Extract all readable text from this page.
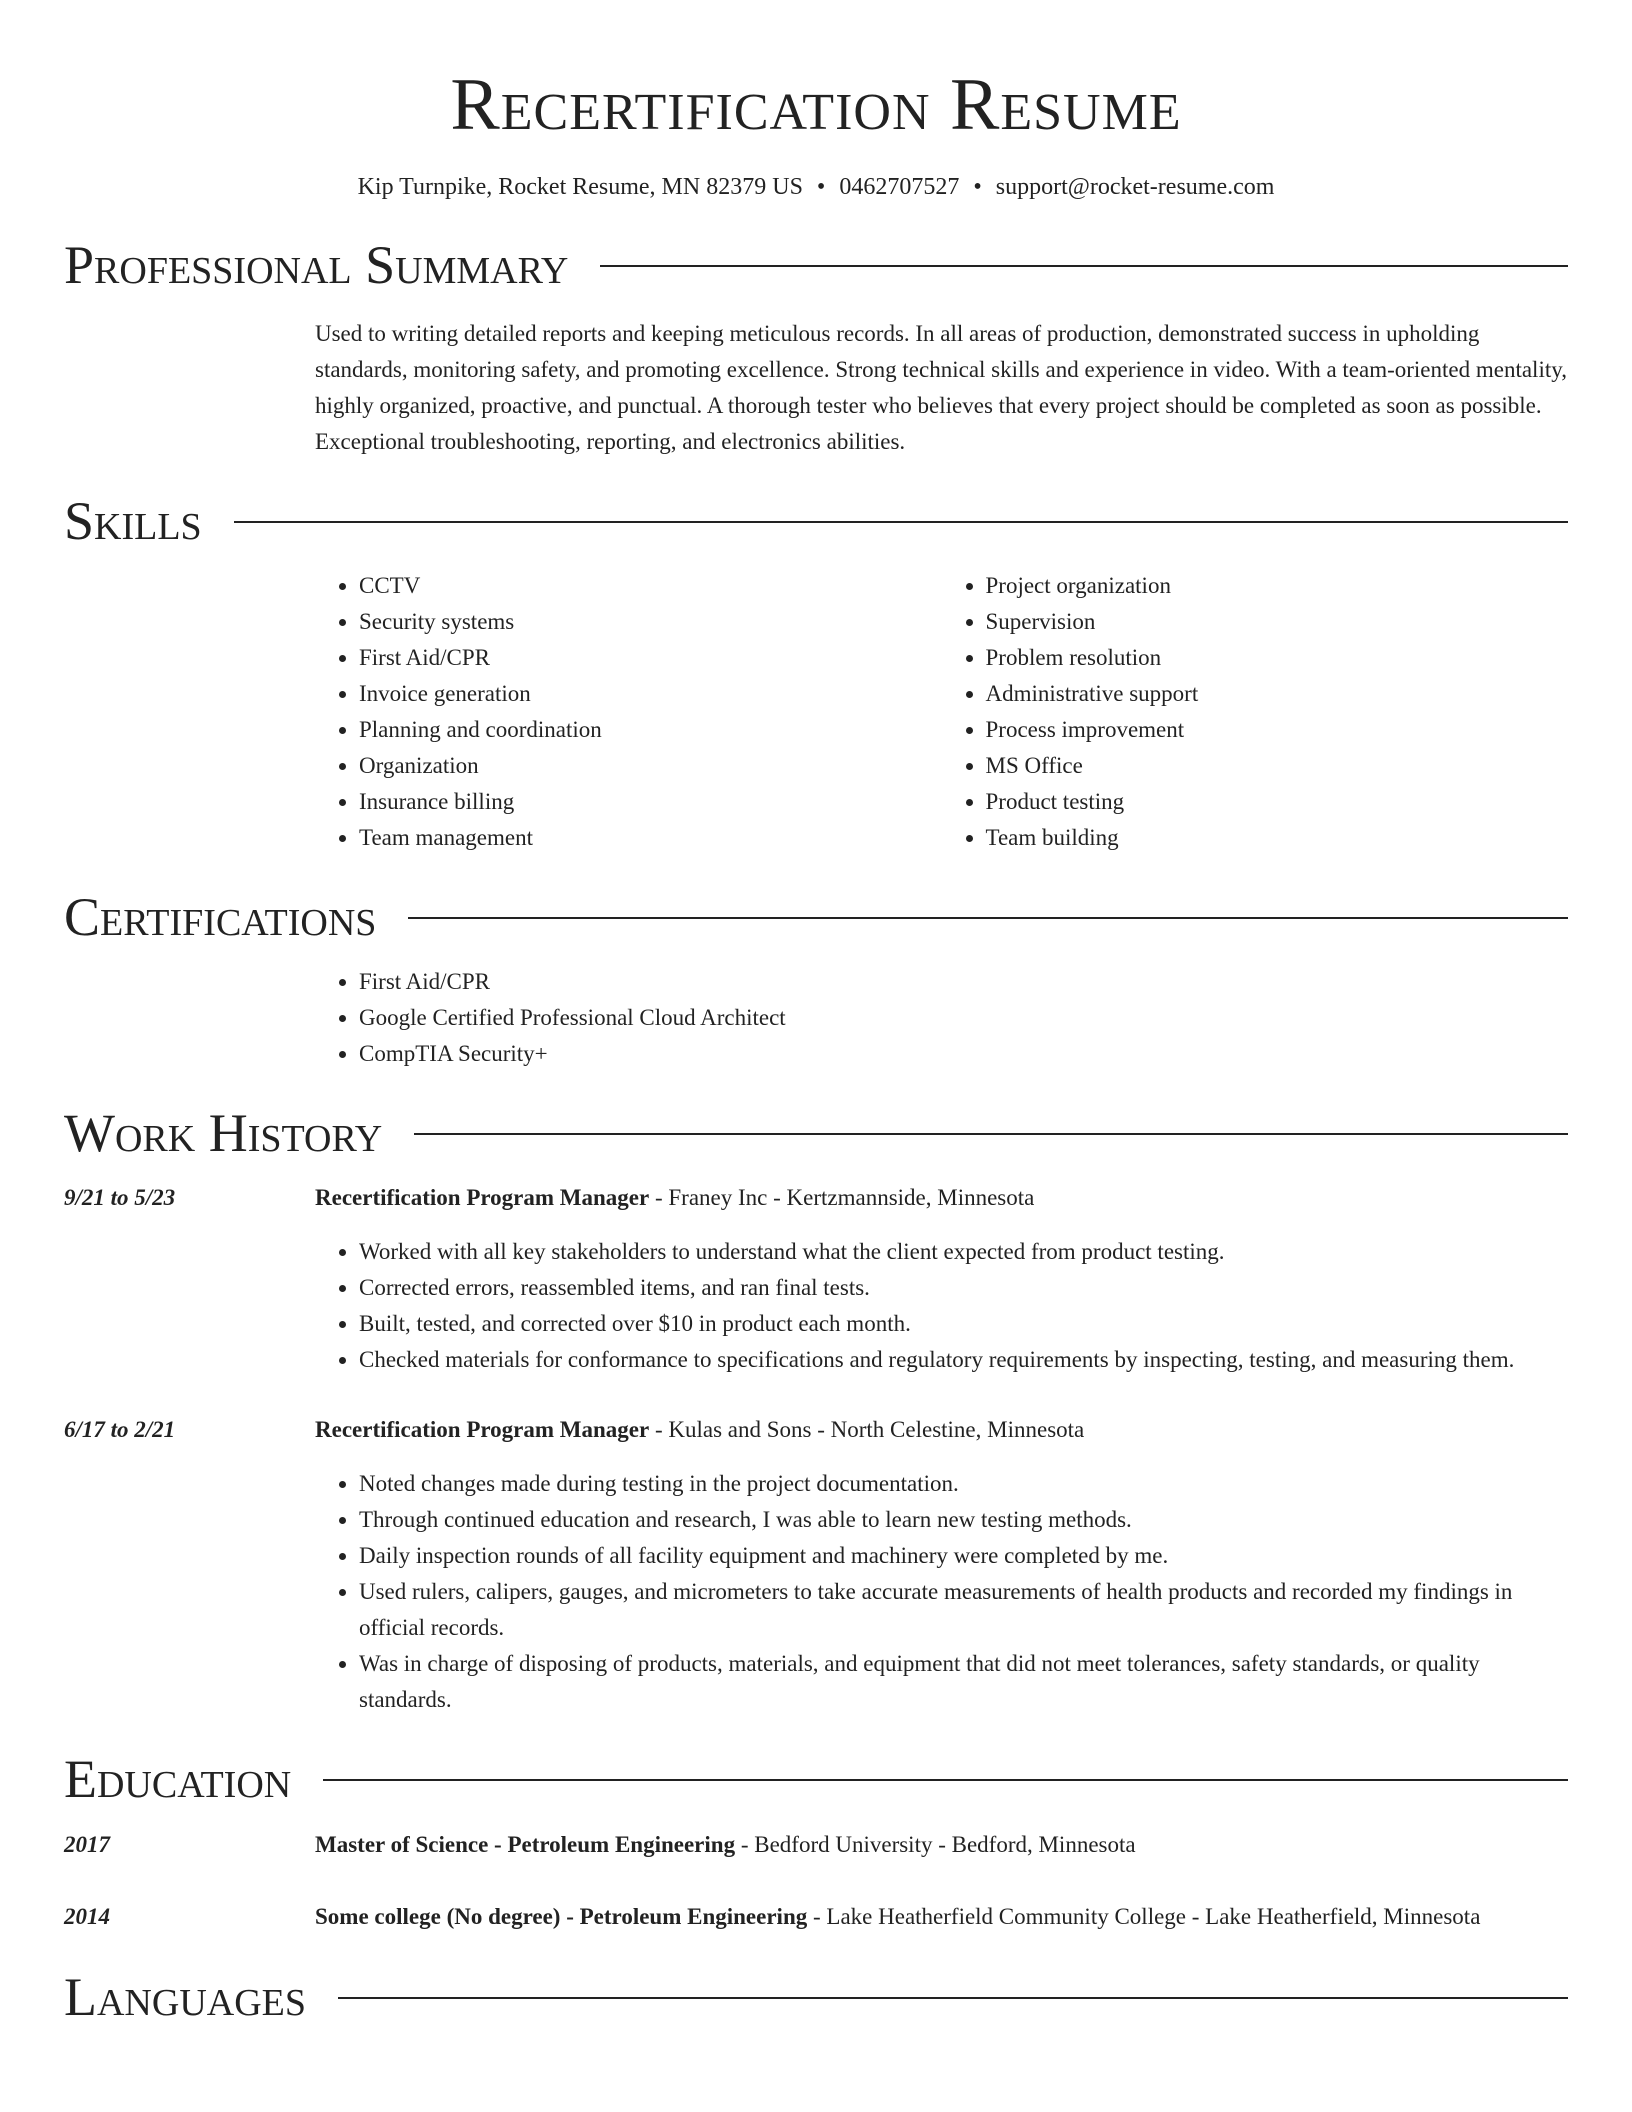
Recertification Resume
Kip Turnpike, Rocket Resume, MN 82379 US • 0462707527 • support@rocket-resume.com
Professional Summary

Used to writing detailed reports and keeping meticulous records. In all areas of production, demonstrated success in upholding standards, monitoring safety, and promoting excellence. Strong technical skills and experience in video. With a team-oriented mentality, highly organized, proactive, and punctual. A thorough tester who believes that every project should be completed as soon as possible. Exceptional troubleshooting, reporting, and electronics abilities.

Skills
• CCTV
• Security systems
• First Aid/CPR
• Invoice generation
• Planning and coordination
• Organization
• Insurance billing
• Team management
• Project organization
• Supervision
• Problem resolution
• Administrative support
• Process improvement
• MS Office
• Product testing
• Team building
Certifications
• First Aid/CPR
• Google Certified Professional Cloud Architect
• CompTIA Security+
Work History
9/21 to 5/23	Recertification Program Manager - Franey Inc - Kertzmannside, Minnesota
• Worked with all key stakeholders to understand what the client expected from product testing.
• Corrected errors, reassembled items, and ran final tests.
• Built, tested, and corrected over $10 in product each month.
• Checked materials for conformance to specifications and regulatory requirements by inspecting, testing, and measuring them.
6/17 to 2/21	Recertification Program Manager - Kulas and Sons - North Celestine, Minnesota
• Noted changes made during testing in the project documentation.
• Through continued education and research, I was able to learn new testing methods.
• Daily inspection rounds of all facility equipment and machinery were completed by me.
• Used rulers, calipers, gauges, and micrometers to take accurate measurements of health products and recorded my findings in official records.
• Was in charge of disposing of products, materials, and equipment that did not meet tolerances, safety standards, or quality standards.
Education
2017	Master of Science - Petroleum Engineering - Bedford University - Bedford, Minnesota
2014	Some college (No degree) - Petroleum Engineering - Lake Heatherfield Community College - Lake Heatherfield, Minnesota
Languages
